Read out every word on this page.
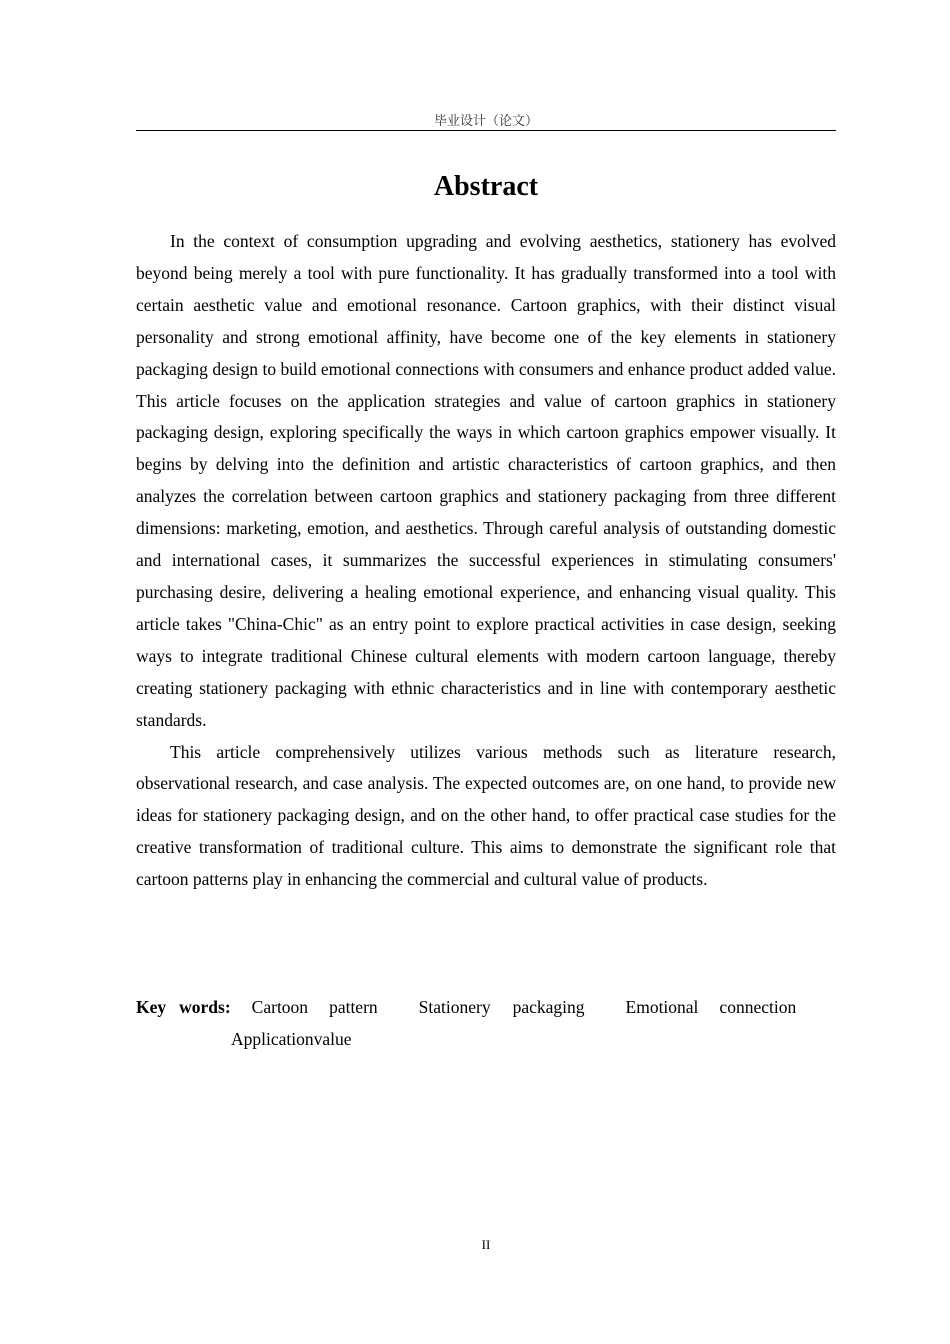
毕业设计（论文）
Abstract

In the context of consumption upgrading and evolving aesthetics, stationery has evolved beyond being merely a tool with pure functionality. It has gradually transformed into a tool with certain aesthetic value and emotional resonance. Cartoon graphics, with their distinct visual personality and strong emotional affinity, have become one of the key elements in stationery packaging design to build emotional connections with consumers and enhance product added value. This article focuses on the application strategies and value of cartoon graphics in stationery packaging design, exploring specifically the ways in which cartoon graphics empower visually. It begins by delving into the definition and artistic characteristics of cartoon graphics, and then analyzes the correlation between cartoon graphics and stationery packaging from three different dimensions: marketing, emotion, and aesthetics. Through careful analysis of outstanding domestic and international cases, it summarizes the successful experiences in stimulating consumers' purchasing desire, delivering a healing emotional experience, and enhancing visual quality. This article takes "China-Chic" as an entry point to explore practical activities in case design, seeking ways to integrate traditional Chinese cultural elements with modern cartoon language, thereby creating stationery packaging with ethnic characteristics and in line with contemporary aesthetic standards.

This article comprehensively utilizes various methods such as literature research, observational research, and case analysis. The expected outcomes are, on one hand, to provide new ideas for stationery packaging design, and on the other hand, to offer practical case studies for the creative transformation of traditional culture. This aims to demonstrate the significant role that cartoon patterns play in enhancing the commercial and cultural value of products.

Key words: Cartoon pattern Stationery packaging Emotional connection
Applicationvalue
II
